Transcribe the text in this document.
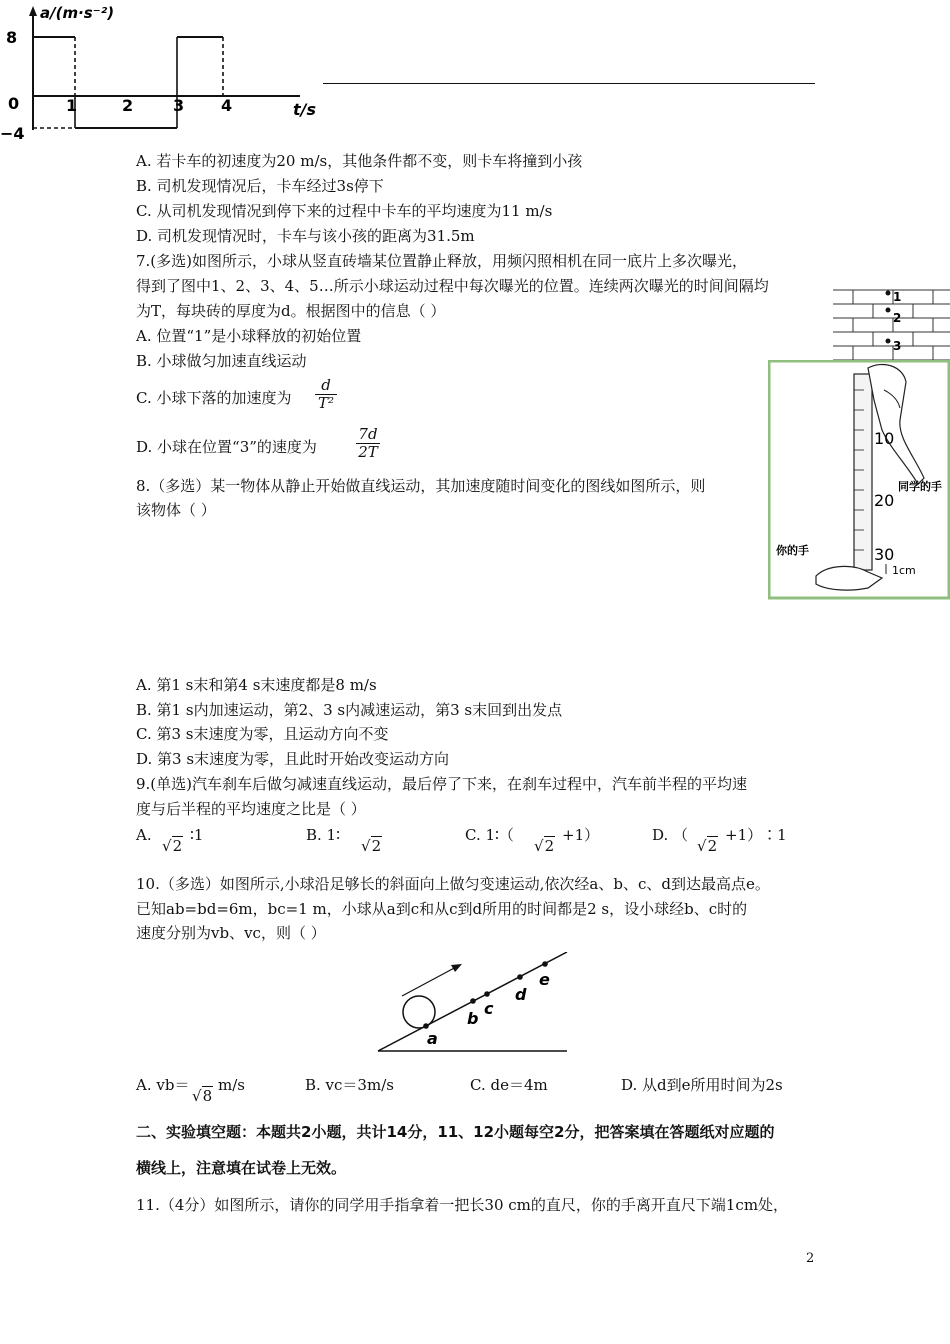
a/(m·s⁻²)
8
0
−4
1	2 3 4	t/s
A. 若卡车的初速度为20 m/s，其他条件都不变，则卡车将撞到小孩
B. 司机发现情况后，卡车经过3s停下
C. 从司机发现情况到停下来的过程中卡车的平均速度为11 m/s
D. 司机发现情况时，卡车与该小孩的距离为31.5m
7.(多选)如图所示，小球从竖直砖墙某位置静止释放，用频闪照相机在同一底片上多次曝光，
得到了图中1、2、3、4、5…所示小球运动过程中每次曝光的位置。连续两次曝光的时间间隔均
为T，每块砖的厚度为d。根据图中的信息（ ）
A. 位置“1”是小球释放的初始位置
B. 小球做匀加速直线运动
C. 小球下落的加速度为
d
T²
D. 小球在位置“3”的速度为
7d
2T
8.（多选）某一物体从静止开始做直线运动，其加速度随时间变化的图线如图所示，则
该物体（ ）
A. 第1 s末和第4 s末速度都是8 m/s
B. 第1 s内加速运动，第2、3 s内减速运动，第3 s末回到出发点
C. 第3 s末速度为零，且运动方向不变
D. 第3 s末速度为零，且此时开始改变运动方向
9.(单选)汽车刹车后做匀减速直线运动，最后停了下来，在刹车过程中，汽车前半程的平均速
度与后半程的平均速度之比是（ ）
A.
√2
∶1	B. 1∶
√2
C. 1∶（
√2
+1）	D. （
√2
+1）∶1
10.（多选）如图所示,小球沿足够长的斜面向上做匀变速运动,依次经a、b、c、d到达最高点e。
已知ab=bd=6m，bc=1 m，小球从a到c和从c到d所用的时间都是2 s，设小球经b、c时的
速度分别为vb、vc，则（ ）
a
b
c
d
e
A. vb＝
√8
m/s	B. vc＝3m/s	C. de＝4m	D. 从d到e所用时间为2s
二、实验填空题：本题共2小题，共计14分，11、12小题每空2分，把答案填在答题纸对应题的
横线上，注意填在试卷上无效。
11.（4分）如图所示，请你的同学用手指拿着一把长30 cm的直尺，你的手离开直尺下端1cm处，
2
1
2
3
10
20
30
同学的手
你的手
1cm
